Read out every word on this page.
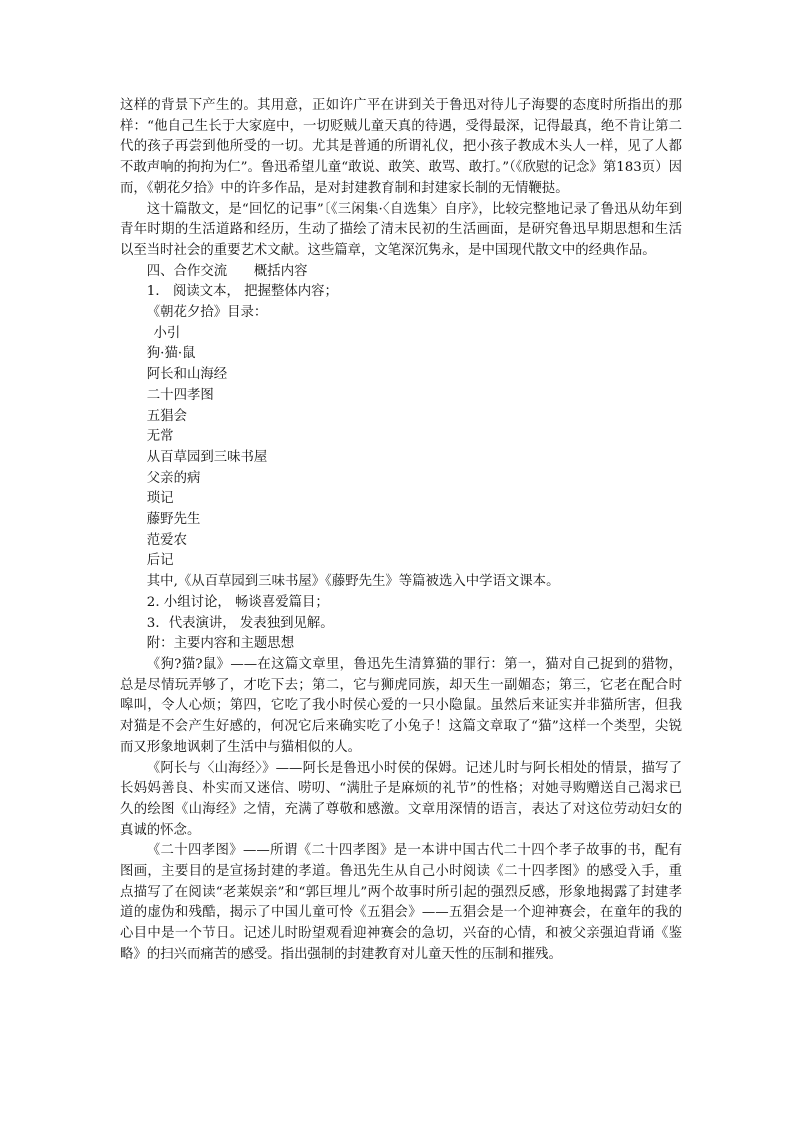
这样的背景下产生的。其用意，正如许广平在讲到关于鲁迅对待儿子海婴的态度时所指出的那样：“他自己生长于大家庭中，一切贬贼儿童天真的待遇，受得最深，记得最真，绝不肯让第二代的孩子再尝到他所受的一切。尤其是普通的所谓礼仪，把小孩子教成木头人一样，见了人都不敢声响的拘拘为仁”。鲁迅希望儿童“敢说、敢笑、敢骂、敢打。”（《欣慰的记念》第183页）因而，《朝花夕拾》中的许多作品，是对封建教育制和封建家长制的无情鞭挞。

这十篇散文，是“回忆的记事”〔《三闲集·〈自选集〉自序》，比较完整地记录了鲁迅从幼年到青年时期的生活道路和经历，生动了描绘了清末民初的生活画面，是研究鲁迅早期思想和生活以至当时社会的重要艺术文献。这些篇章，文笔深沉隽永，是中国现代散文中的经典作品。

四、合作交流　　概括内容

1． 阅读文本， 把握整体内容；

《朝花夕拾》目录：

小引

狗·猫·鼠

阿长和山海经

二十四孝图

五猖会

无常

从百草园到三味书屋

父亲的病

琐记

藤野先生

范爱农

后记

其中,《从百草园到三味书屋》《藤野先生》等篇被选入中学语文课本。

2. 小组讨论， 畅谈喜爱篇目；

3．代表演讲， 发表独到见解。

附：主要内容和主题思想

《狗?猫?鼠》——在这篇文章里，鲁迅先生清算猫的罪行：第一，猫对自己捉到的猎物，总是尽情玩弄够了，才吃下去；第二，它与狮虎同族，却天生一副媚态；第三，它老在配合时嗥叫，令人心烦；第四，它吃了我小时侯心爱的一只小隐鼠。虽然后来证实并非猫所害，但我对猫是不会产生好感的，何况它后来确实吃了小兔子！这篇文章取了“猫”这样一个类型，尖锐而又形象地讽刺了生活中与猫相似的人。

《阿长与〈山海经〉》——阿长是鲁迅小时侯的保姆。记述儿时与阿长相处的情景，描写了长妈妈善良、朴实而又迷信、唠叨、“满肚子是麻烦的礼节”的性格；对她寻购赠送自己渴求已久的绘图《山海经》之情，充满了尊敬和感激。文章用深情的语言，表达了对这位劳动妇女的真诚的怀念。

《二十四孝图》——所谓《二十四孝图》是一本讲中国古代二十四个孝子故事的书，配有图画，主要目的是宣扬封建的孝道。鲁迅先生从自己小时阅读《二十四孝图》的感受入手，重点描写了在阅读“老莱娱亲”和“郭巨埋儿”两个故事时所引起的强烈反感，形象地揭露了封建孝道的虚伪和残酷，揭示了中国儿童可怜《五猖会》——五猖会是一个迎神赛会，在童年的我的心目中是一个节日。记述儿时盼望观看迎神赛会的急切，兴奋的心情，和被父亲强迫背诵《鉴略》的扫兴而痛苦的感受。指出强制的封建教育对儿童天性的压制和摧残。
